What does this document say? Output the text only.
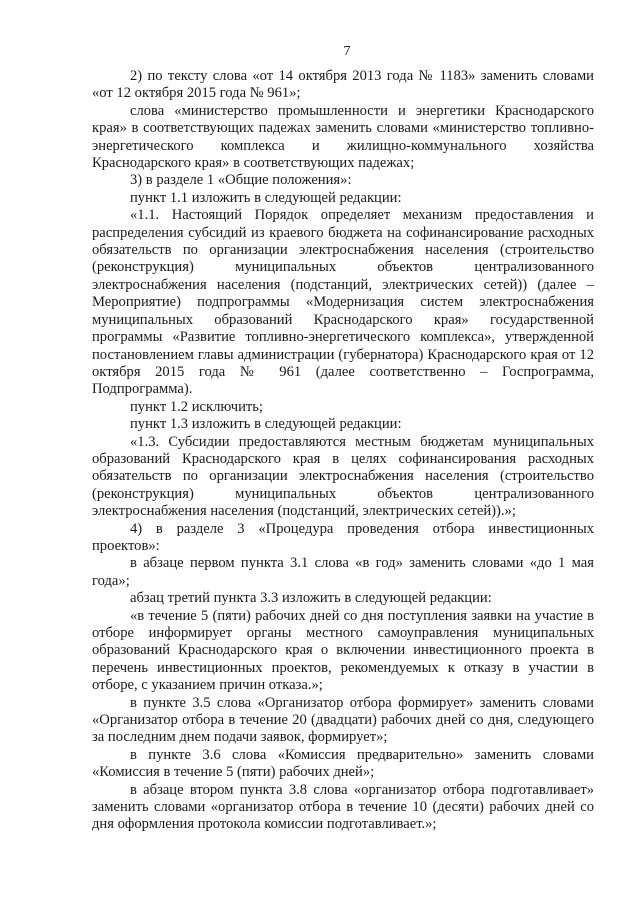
7

2) по тексту слова «от 14 октября 2013 года № 1183» заменить словами «от 12 октября 2015 года № 961»;

слова «министерство промышленности и энергетики Краснодарского края» в соответствующих падежах заменить словами «министерство топливно-энергетического комплекса и жилищно-коммунального хозяйства Краснодарского края» в соответствующих падежах;

3) в разделе 1 «Общие положения»:

пункт 1.1 изложить в следующей редакции:

«1.1. Настоящий Порядок определяет механизм предоставления и распределения субсидий из краевого бюджета на софинансирование расходных обязательств по организации электроснабжения населения (строительство (реконструкция) муниципальных объектов централизованного электроснабжения населения (подстанций, электрических сетей)) (далее – Мероприятие) подпрограммы «Модернизация систем электроснабжения муниципальных образований Краснодарского края» государственной программы «Развитие топливно-энергетического комплекса», утвержденной постановлением главы администрации (губернатора) Краснодарского края от 12 октября 2015 года № 961 (далее соответственно – Госпрограмма, Подпрограмма).

пункт 1.2 исключить;

пункт 1.3 изложить в следующей редакции:

«1.3. Субсидии предоставляются местным бюджетам муниципальных образований Краснодарского края в целях софинансирования расходных обязательств по организации электроснабжения населения (строительство (реконструкция) муниципальных объектов централизованного электроснабжения населения (подстанций, электрических сетей)).»;

4) в разделе 3 «Процедура проведения отбора инвестиционных проектов»:

в абзаце первом пункта 3.1 слова «в год» заменить словами «до 1 мая года»;

абзац третий пункта 3.3 изложить в следующей редакции:

«в течение 5 (пяти) рабочих дней со дня поступления заявки на участие в отборе информирует органы местного самоуправления муниципальных образований Краснодарского края о включении инвестиционного проекта в перечень инвестиционных проектов, рекомендуемых к отказу в участии в отборе, с указанием причин отказа.»;

в пункте 3.5 слова «Организатор отбора формирует» заменить словами «Организатор отбора в течение 20 (двадцати) рабочих дней со дня, следующего за последним днем подачи заявок, формирует»;

в пункте 3.6 слова «Комиссия предварительно» заменить словами «Комиссия в течение 5 (пяти) рабочих дней»;

в абзаце втором пункта 3.8 слова «организатор отбора подготавливает» заменить словами «организатор отбора в течение 10 (десяти) рабочих дней со дня оформления протокола комиссии подготавливает.»;
